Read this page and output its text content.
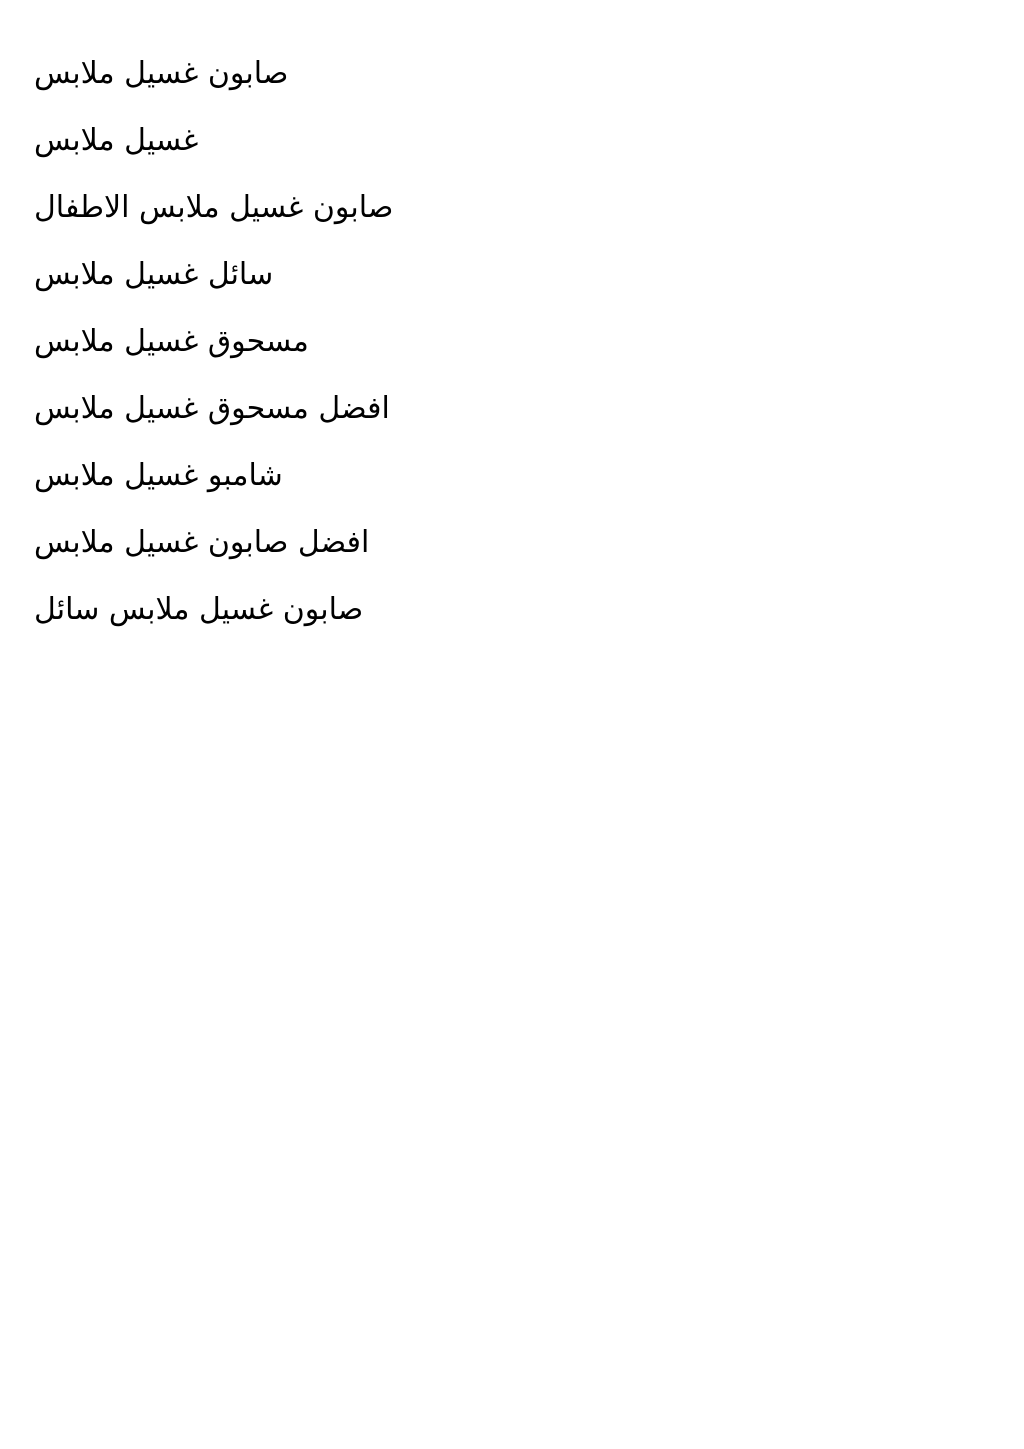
صابون غسيل ملابس
غسيل ملابس
صابون غسيل ملابس الاطفال
سائل غسيل ملابس
مسحوق غسيل ملابس
افضل مسحوق غسيل ملابس
شامبو غسيل ملابس
افضل صابون غسيل ملابس
صابون غسيل ملابس سائل
